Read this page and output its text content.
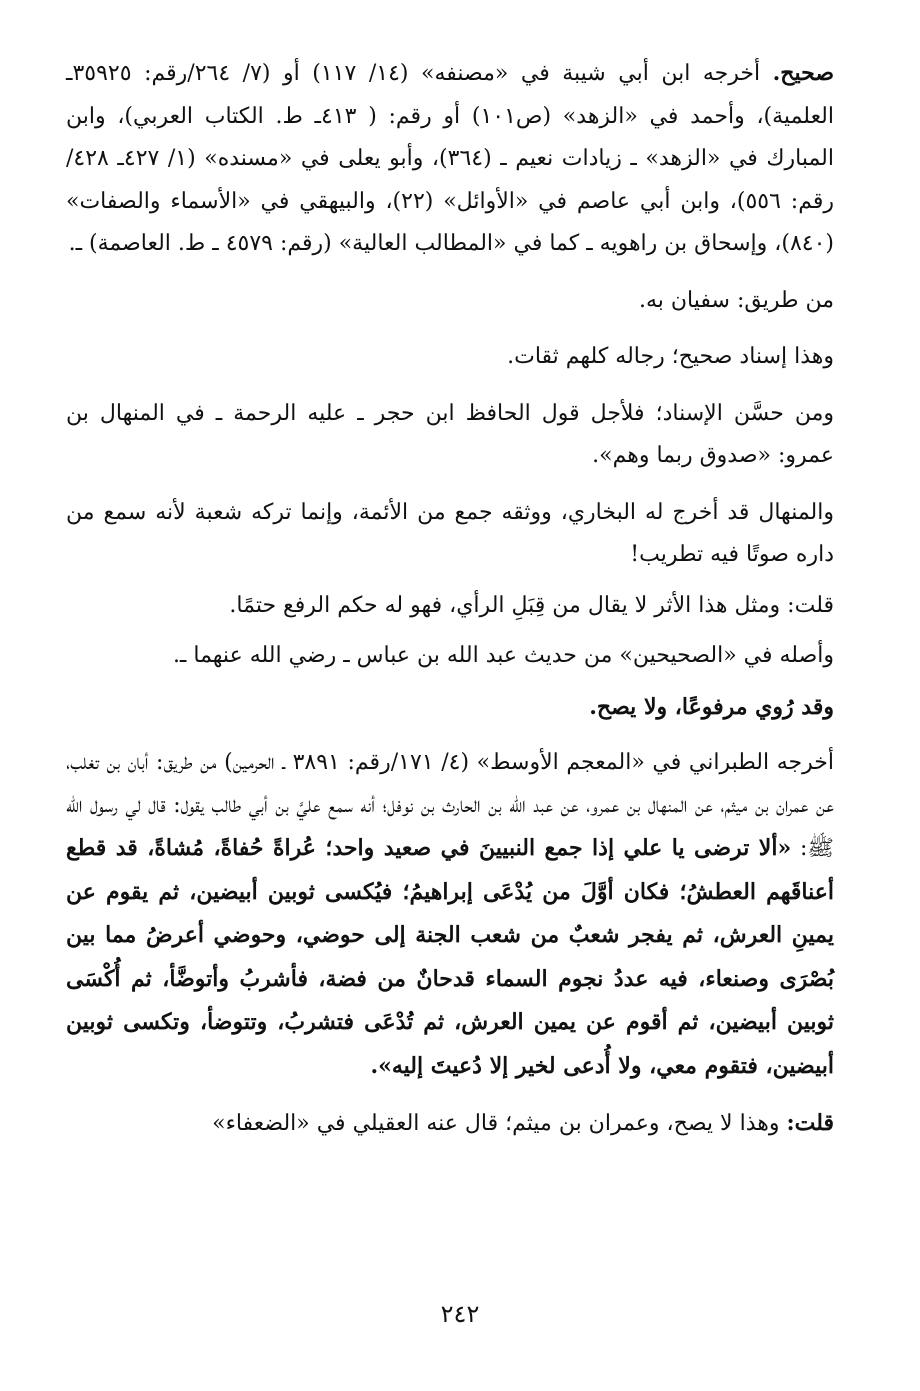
صحيح. أخرجه ابن أبي شيبة في «مصنفه» (١٤/ ١١٧) أو (٧/ ٢٦٤/رقم: ٣٥٩٢٥ـ العلمية)، وأحمد في «الزهد» (ص١٠١) أو رقم: ( ٤١٣ـ ط. الكتاب العربي)، وابن المبارك في «الزهد» ـ زيادات نعيم ـ (٣٦٤)، وأبو يعلى في «مسنده» (١/ ٤٢٧ـ ٤٢٨/رقم: ٥٥٦)، وابن أبي عاصم في «الأوائل» (٢٢)، والبيهقي في «الأسماء والصفات» (٨٤٠)، وإسحاق بن راهويه ـ كما في «المطالب العالية» (رقم: ٤٥٧٩ ـ ط. العاصمة) ـ.

من طريق: سفيان به.

وهذا إسناد صحيح؛ رجاله كلهم ثقات.

ومن حسَّن الإسناد؛ فلأجل قول الحافظ ابن حجر ـ عليه الرحمة ـ في المنهال بن عمرو: «صدوق ربما وهم».

والمنهال قد أخرج له البخاري، ووثقه جمع من الأئمة، وإنما تركه شعبة لأنه سمع من داره صوتًا فيه تطريب!

قلت: ومثل هذا الأثر لا يقال من قِبَلِ الرأي، فهو له حكم الرفع حتمًا.

وأصله في «الصحيحين» من حديث عبد الله بن عباس ـ رضي الله عنهما ـ.

وقد رُوي مرفوعًا، ولا يصح.

أخرجه الطبراني في «المعجم الأوسط» (٤/ ١٧١/رقم: ٣٨٩١ ـ الحرمين) من طريق: أبان بن تغلب، عن عمران بن ميثم، عن المنهال بن عمرو، عن عبد الله بن الحارث بن نوفل؛ أنه سمع عليَّ بن أبي طالب يقول: قال لي رسول الله ﷺ: «ألا ترضى يا علي إذا جمع النبيينَ في صعيد واحد؛ عُراةً حُفاةً، مُشاةً، قد قطع أعناقَهم العطشُ؛ فكان أوَّلَ من يُدْعَى إبراهيمُ؛ فيُكسى ثوبين أبيضين، ثم يقوم عن يمينِ العرش، ثم يفجر شعبٌ من شعب الجنة إلى حوضي، وحوضي أعرضُ مما بين بُصْرَى وصنعاء، فيه عددُ نجوم السماء قدحانٌ من فضة، فأشربُ وأتوضَّأ، ثم أُكْسَى ثوبين أبيضين، ثم أقوم عن يمين العرش، ثم تُدْعَى فتشربُ، وتتوضأ، وتكسى ثوبين أبيضين، فتقوم معي، ولا أُدعى لخير إلا دُعيتَ إليه».

قلت: وهذا لا يصح، وعمران بن ميثم؛ قال عنه العقيلي في «الضعفاء»

٢٤٢
